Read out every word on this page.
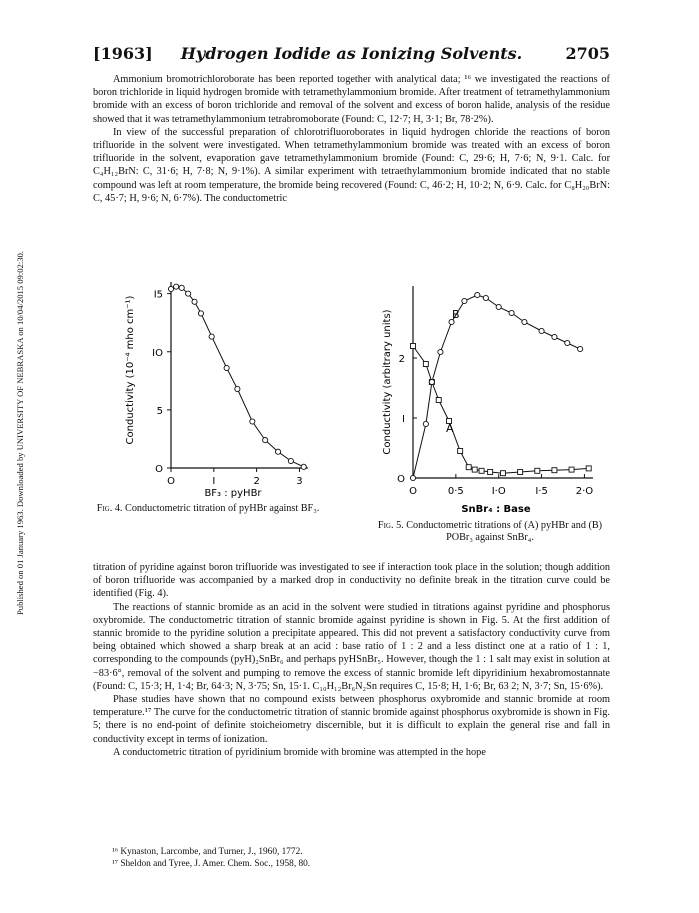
Published on 01 January 1963. Downloaded by UNIVERSITY OF NEBRASKA on 10/04/2015 09:02:30.
[1963]	Hydrogen Iodide as Ionizing Solvents.	2705

Ammonium bromotrichloroborate has been reported together with analytical data; ¹⁶ we investigated the reactions of boron trichloride in liquid hydrogen bromide with tetramethylammonium bromide. After treatment of tetramethylammonium bromide with an excess of boron trichloride and removal of the solvent and excess of boron halide, analysis of the residue showed that it was tetramethylammonium tetrabromoborate (Found: C, 12·7; H, 3·1; Br, 78·2%).

In view of the successful preparation of chlorotrifluoroborates in liquid hydrogen chloride the reactions of boron trifluoride in the solvent were investigated. When tetramethylammonium bromide was treated with an excess of boron trifluoride in the solvent, evaporation gave tetramethylammonium bromide (Found: C, 29·6; H, 7·6; N, 9·1. Calc. for C₄H₁₂BrN: C, 31·6; H, 7·8; N, 9·1%). A similar experiment with tetraethylammonium bromide indicated that no stable compound was left at room temperature, the bromide being recovered (Found: C, 46·2; H, 10·2; N, 6·9. Calc. for C₈H₂₀BrN: C, 45·7; H, 9·6; N, 6·7%). The conductometric

Conductivity (10⁻⁴ mho cm⁻¹)
O	I	2	3
O
5
IO
I5
BF₃ : pyHBr
Fig. 4. Conductometric titration of pyHBr against BF₃.
Conductivity (arbitrary units)
O	0·5	I·O	I·5	2·O
O
I
2
A
B
SnBr₄ : Base
Fig. 5. Conductometric titrations of (A) pyHBr and (B) POBr₃ against SnBr₄.

titration of pyridine against boron trifluoride was investigated to see if interaction took place in the solution; though addition of boron trifluoride was accompanied by a marked drop in conductivity no definite break in the titration curve could be identified (Fig. 4).

The reactions of stannic bromide as an acid in the solvent were studied in titrations against pyridine and phosphorus oxybromide. The conductometric titration of stannic bromide against pyridine is shown in Fig. 5. At the first addition of stannic bromide to the pyridine solution a precipitate appeared. This did not prevent a satisfactory conductivity curve from being obtained which showed a sharp break at an acid : base ratio of 1 : 2 and a less distinct one at a ratio of 1 : 1, corresponding to the compounds (pyH)₂SnBr₆ and perhaps pyHSnBr₅. However, though the 1 : 1 salt may exist in solution at −83·6°, removal of the solvent and pumping to remove the excess of stannic bromide left dipyridinium hexabromostannate (Found: C, 15·3; H, 1·4; Br, 64·3; N, 3·75; Sn, 15·1. C₁₀H₁₂Br₆N₂Sn requires C, 15·8; H, 1·6; Br, 63 2; N, 3·7; Sn, 15·6%).

Phase studies have shown that no compound exists between phosphorus oxybromide and stannic bromide at room temperature.¹⁷ The curve for the conductometric titration of stannic bromide against phosphorus oxybromide is shown in Fig. 5; there is no end-point of definite stoicheiometry discernible, but it is difficult to explain the general rise and fall in conductivity except in terms of ionization.

A conductometric titration of pyridinium bromide with bromine was attempted in the hope

¹⁶ Kynaston, Larcombe, and Turner, J., 1960, 1772.
¹⁷ Sheldon and Tyree, J. Amer. Chem. Soc., 1958, 80.
